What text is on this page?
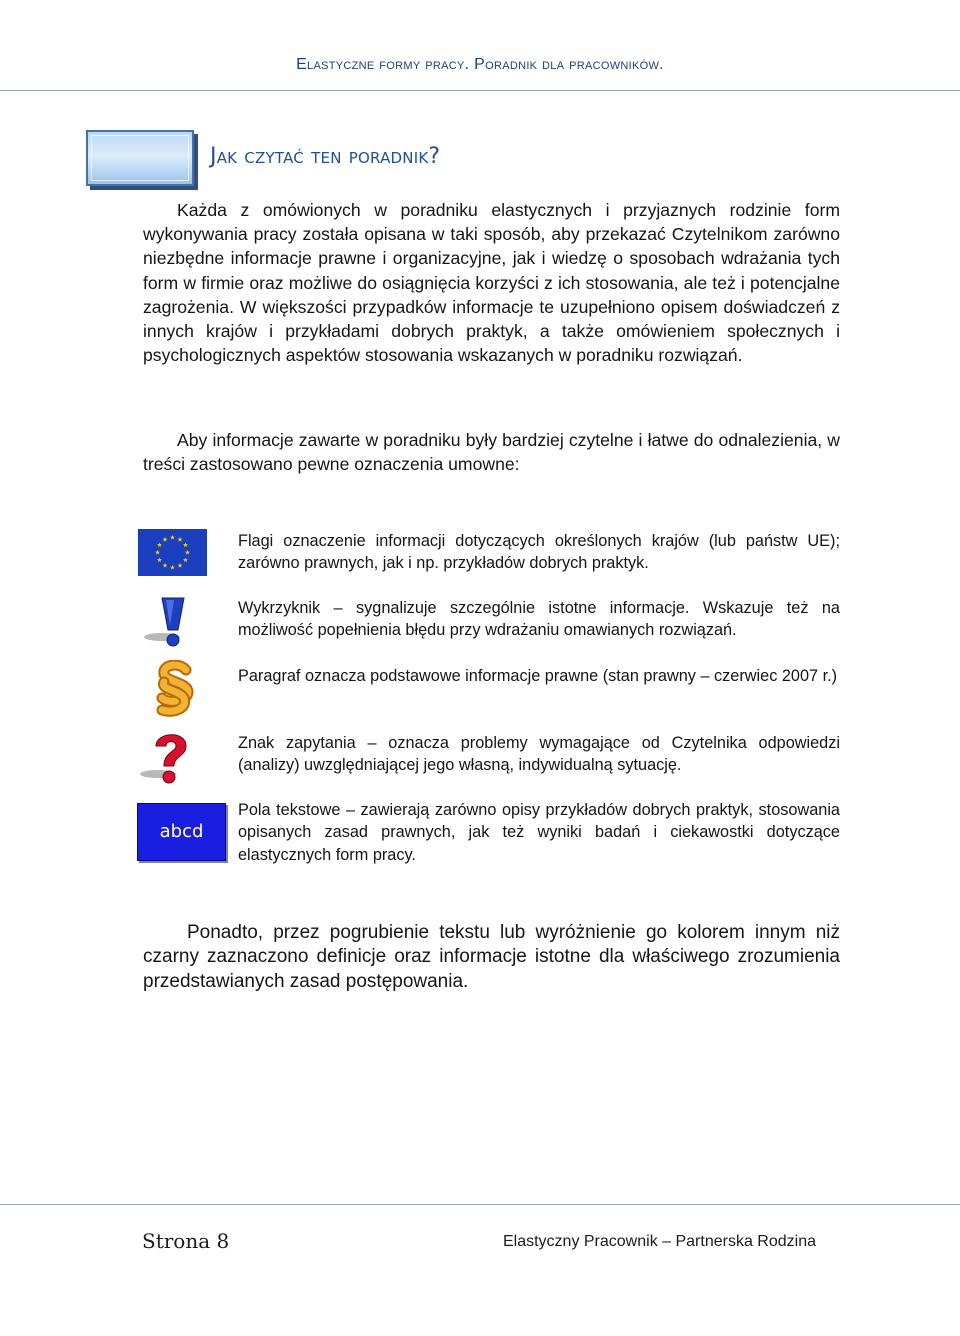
Elastyczne formy pracy. Poradnik dla pracowników.
Jak czytać ten poradnik?
Każda z omówionych w poradniku elastycznych i przyjaznych rodzinie form wykonywania pracy została opisana w taki sposób, aby przekazać Czytelnikom zarówno niezbędne informacje prawne i organizacyjne, jak i wiedzę o sposobach wdrażania tych form w firmie oraz możliwe do osiągnięcia korzyści z ich stosowania, ale też i potencjalne zagrożenia. W większości przypadków informacje te uzupełniono opisem doświadczeń z innych krajów i przykładami dobrych praktyk, a także omówieniem społecznych i psychologicznych aspektów stosowania wskazanych w poradniku rozwiązań.
Aby informacje zawarte w poradniku były bardziej czytelne i łatwe do odnalezienia, w treści zastosowano pewne oznaczenia umowne:
abcd
Flagi oznaczenie informacji dotyczących określonych krajów (lub państw UE); zarówno prawnych, jak i np. przykładów dobrych praktyk.
Wykrzyknik – sygnalizuje szczególnie istotne informacje. Wskazuje też na możliwość popełnienia błędu przy wdrażaniu omawianych rozwiązań.
Paragraf oznacza podstawowe informacje prawne (stan prawny – czerwiec 2007 r.)
Znak zapytania – oznacza problemy wymagające od Czytelnika odpowiedzi (analizy) uwzględniającej jego własną, indywidualną sytuację.
Pola tekstowe – zawierają zarówno opisy przykładów dobrych praktyk, stosowania opisanych zasad prawnych, jak też wyniki badań i ciekawostki dotyczące elastycznych form pracy.
Ponadto, przez pogrubienie tekstu lub wyróżnienie go kolorem innym niż czarny zaznaczono definicje oraz informacje istotne dla właściwego zrozumienia przedstawianych zasad postępowania.
Strona 8	Elastyczny Pracownik – Partnerska Rodzina
